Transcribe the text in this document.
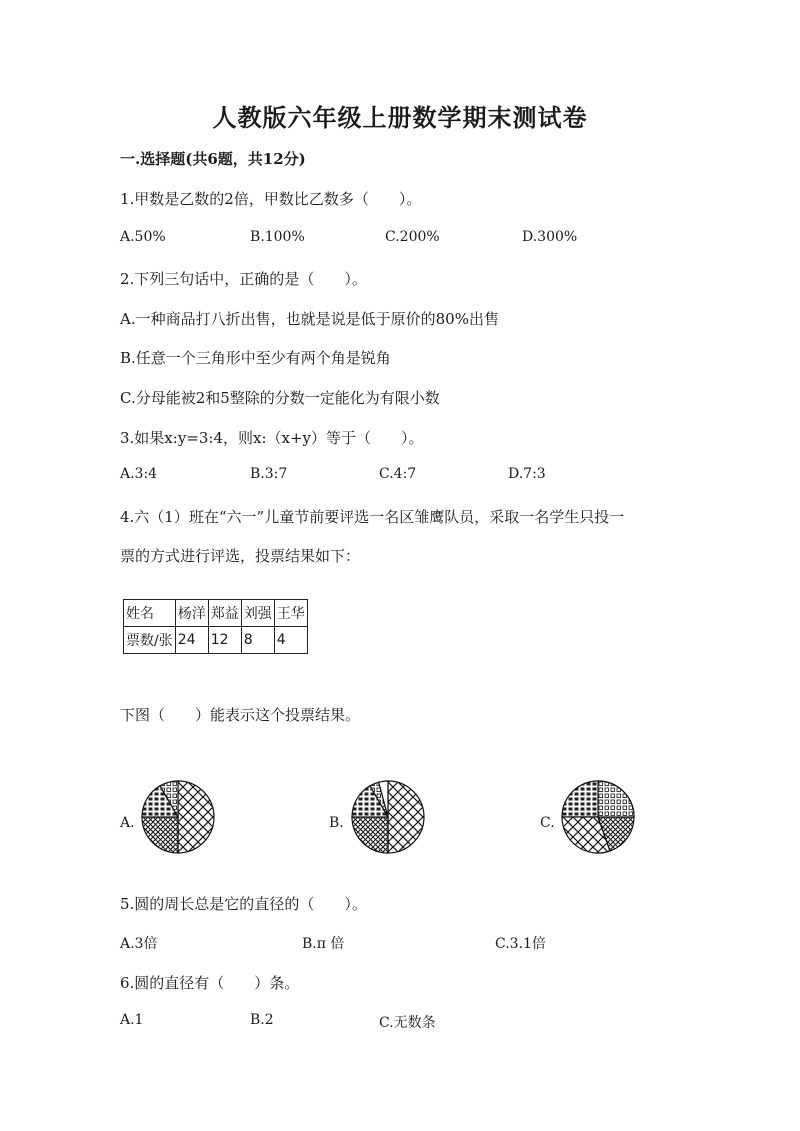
人教版六年级上册数学期末测试卷
一.选择题(共6题，共12分)
1.甲数是乙数的2倍，甲数比乙数多（　　）。
A.50%	B.100%	C.200%	D.300%
2.下列三句话中，正确的是（　　）。
A.一种商品打八折出售，也就是说是低于原价的80%出售
B.任意一个三角形中至少有两个角是锐角
C.分母能被2和5整除的分数一定能化为有限小数
3.如果x:y=3:4，则x:（x+y）等于（　　）。
A.3:4	B.3:7	C.4:7	D.7:3
4.六（1）班在“六一”儿童节前要评选一名区雏鹰队员，采取一名学生只投一
票的方式进行评选，投票结果如下：
姓名	杨洋	郑益	刘强	王华
票数/张	24	12	8	4
下图（　　）能表示这个投票结果。
A.	B.	C.
5.圆的周长总是它的直径的（　　）。
A.3倍	B.π 倍	C.3.1倍
6.圆的直径有（　　）条。
A.1	B.2	C.无数条
